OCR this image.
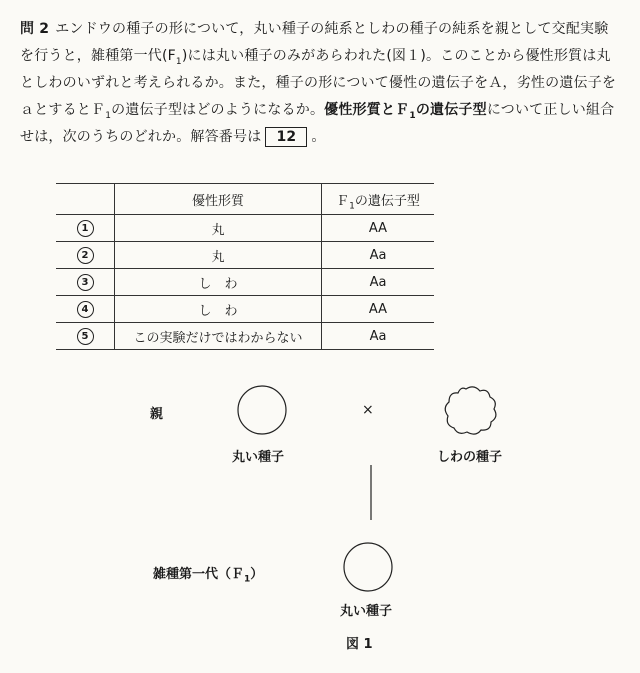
問 2 エンドウの種子の形について，丸い種子の純系としわの種子の純系を親として交配実験を行うと，雑種第一代$(F_1)$には丸い種子のみがあらわれた(図１)。このことから優性形質は丸としわのいずれと考えられるか。また，種子の形について優性の遺伝子をＡ，劣性の遺伝子をａとするとＦ$_1$の遺伝子型はどのようになるか。優性形質とＦ$_1$の遺伝子型について正しい組合せは，次のうちのどれか。解答番号は 12 。
	優性形質	Ｆ$_1$の遺伝子型
1	丸	AA
2	丸	Aa
3	し　わ	Aa
4	し　わ	AA
5	この実験だけではわからない	Aa
親
丸い種子
×
しわの種子
雑種第一代（Ｆ$_1$）
丸い種子
図 1
